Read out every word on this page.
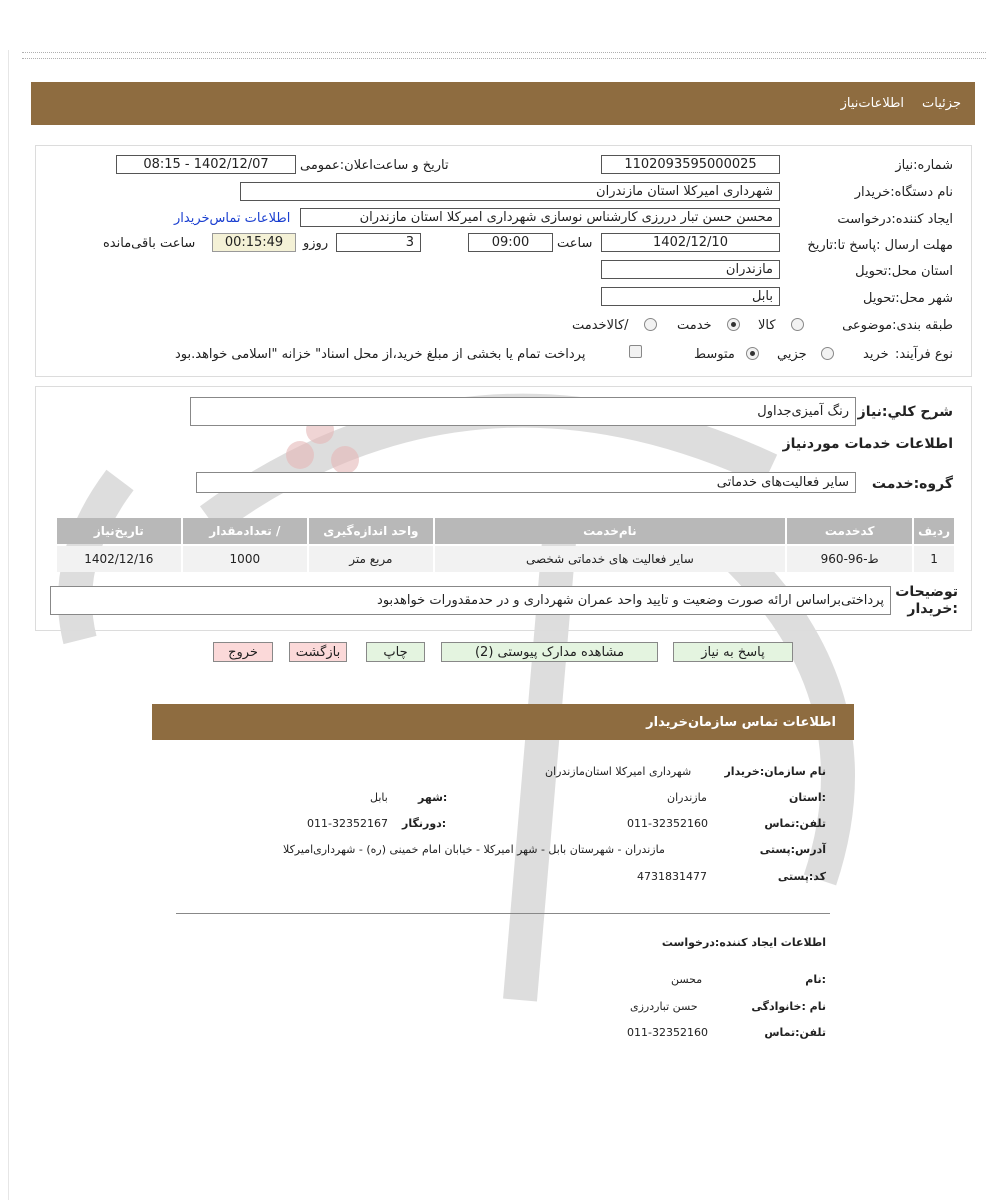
جزئیات
اطلاعات‌نیاز
شماره:نیاز
1102093595000025
تاریخ و ساعت‌اعلان:عمومی
1402/12/07 - 08:15
نام دستگاه:خریدار
شهرداری امیرکلا استان مازندران
ایجاد کننده:درخواست
محسن حسن تبار دررزی کارشناس نوسازی شهرداری امیرکلا استان مازندران
اطلاعات تماس‌خریدار
مهلت ارسال :پاسخ تا:تاریخ
1402/12/10
ساعت
09:00
3
روزو
00:15:49
ساعت باقی‌مانده
استان محل:تحویل
مازندران
شهر محل:تحویل
بابل
طبقه بندی:موضوعی
کالا
خدمت
/کالاخدمت
نوع فرآیند:
خرید
جزیي
متوسط
پرداخت تمام یا بخشی از مبلغ خرید،از محل اسناد" خزانه "اسلامی خواهد.بود
شرح کلي:نیاز
رنگ آمیزی‌جداول
اطلاعات خدمات موردنیاز
گروه:خدمت
سایر فعالیت‌های خدماتی
ردیف	کدخدمت	نام‌خدمت	واحد اندازه‌گیری	/ تعدادمقدار	تاریخ‌نیاز
1	ط-96-960	سایر فعالیت های خدماتی شخصی	مربع متر	1000	1402/12/16
توضیحات :خریدار
پرداختی‌براساس ارائه صورت وضعیت و تایید واحد عمران شهرداری و در حدمقدورات خواهدبود
پاسخ به نیاز
مشاهده مدارک پیوستی (2)
چاپ
بازگشت
خروج
اطلاعات تماس سازمان‌خریدار
نام سازمان:خریدار
شهرداری امیرکلا استان‌مازندران
:استان
مازندران
:شهر
بابل
تلفن:تماس
011-32352160
:دورنگار
011-32352167
آدرس:پستی
مازندران - شهرستان بابل - شهر امیرکلا - خیابان امام خمینی (ره) - شهرداری‌امیرکلا
کد:پستی
4731831477
اطلاعات ایجاد کننده:درخواست
:نام
محسن
نام :خانوادگی
حسن تباردرزی
تلفن:تماس
011-32352160
